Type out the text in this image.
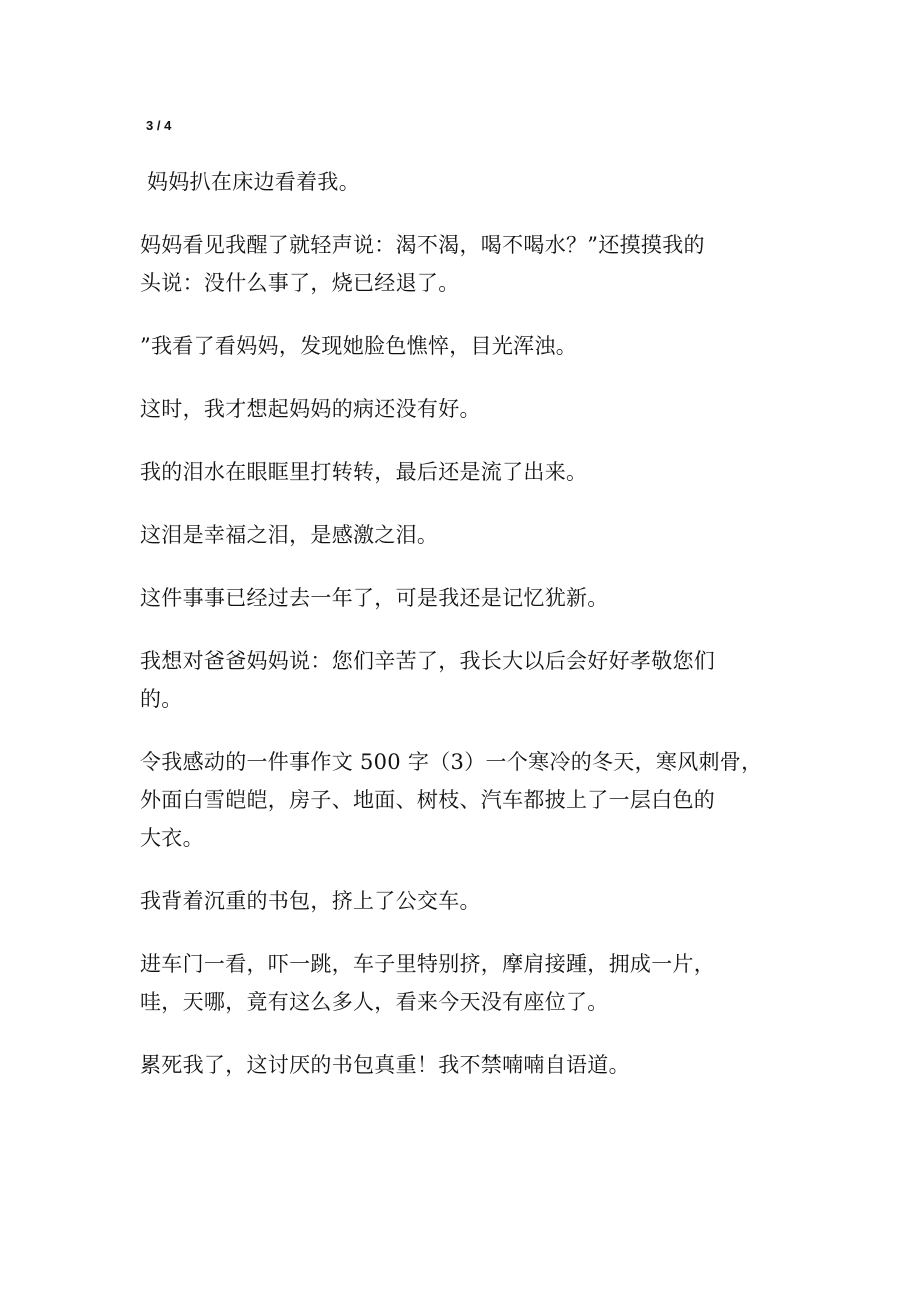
3 / 4

妈妈扒在床边看着我。

妈妈看见我醒了就轻声说：渴不渴，喝不喝水？”还摸摸我的
头说：没什么事了，烧已经退了。

”我看了看妈妈，发现她脸色憔悴，目光浑浊。

这时，我才想起妈妈的病还没有好。

我的泪水在眼眶里打转转，最后还是流了出来。

这泪是幸福之泪，是感激之泪。

这件事事已经过去一年了，可是我还是记忆犹新。

我想对爸爸妈妈说：您们辛苦了，我长大以后会好好孝敬您们
的。

令我感动的一件事作文 500 字（3）一个寒冷的冬天，寒风刺骨，
外面白雪皑皑，房子、地面、树枝、汽车都披上了一层白色的
大衣。

我背着沉重的书包，挤上了公交车。

进车门一看，吓一跳，车子里特别挤，摩肩接踵，拥成一片，
哇，天哪，竟有这么多人，看来今天没有座位了。

累死我了，这讨厌的书包真重！我不禁喃喃自语道。
